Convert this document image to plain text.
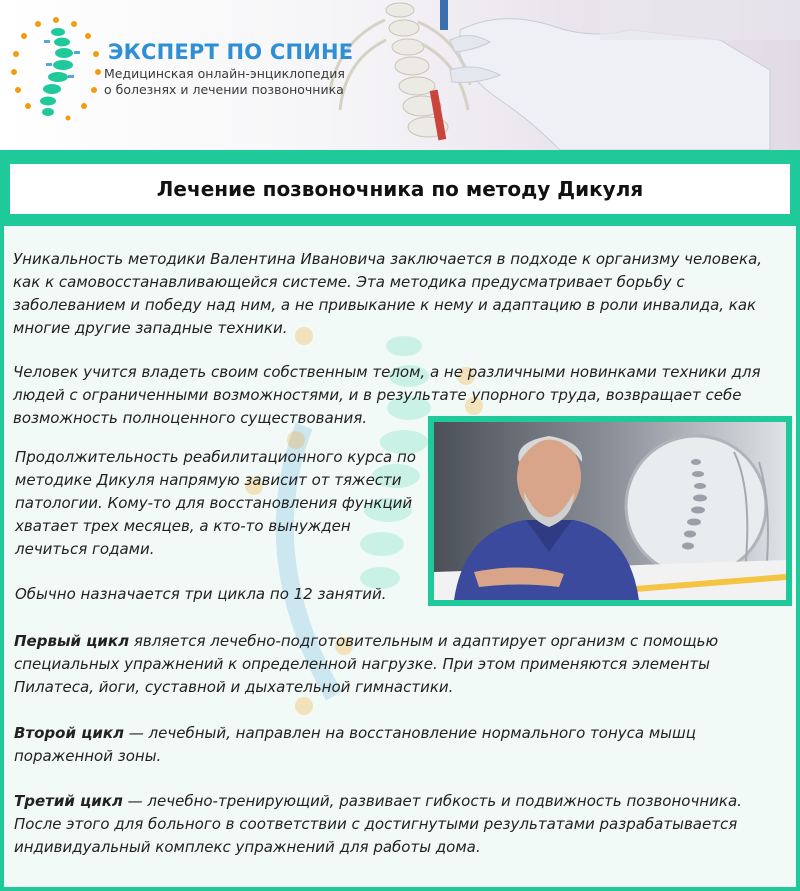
ЭКСПЕРТ ПО СПИНЕ

Медицинская онлайн-энциклопедия о болезнях и лечении позвоночника
Лечение позвоночника по методу Дикуля

Уникальность методики Валентина Ивановича заключается в подходе к организму человека, как к самовосстанавливающейся системе. Эта методика предусматривает борьбу с заболеванием и победу над ним, а не привыкание к нему и адаптацию в роли инвалида, как многие другие западные техники.

Человек учится владеть своим собственным телом, а не различными новинками техники для людей с ограниченными возможностями, и в результате упорного труда, возвращает себе возможность полноценного существования.

Продолжительность реабилитационного курса по методике Дикуля напрямую зависит от тяжести патологии. Кому-то для восстановления функций хватает трех месяцев, а кто-то вынужден лечиться годами.

Обычно назначается три цикла по 12 занятий.

Первый цикл является лечебно-подготовительным и адаптирует организм с помощью специальных упражнений к определенной нагрузке. При этом применяются элементы Пилатеса, йоги, суставной и дыхательной гимнастики.

Второй цикл — лечебный, направлен на восстановление нормального тонуса мышц пораженной зоны.

Третий цикл — лечебно-тренирующий, развивает гибкость и подвижность позвоночника. После этого для больного в соответствии с достигнутыми результатами разрабатывается индивидуальный комплекс упражнений для работы дома.
